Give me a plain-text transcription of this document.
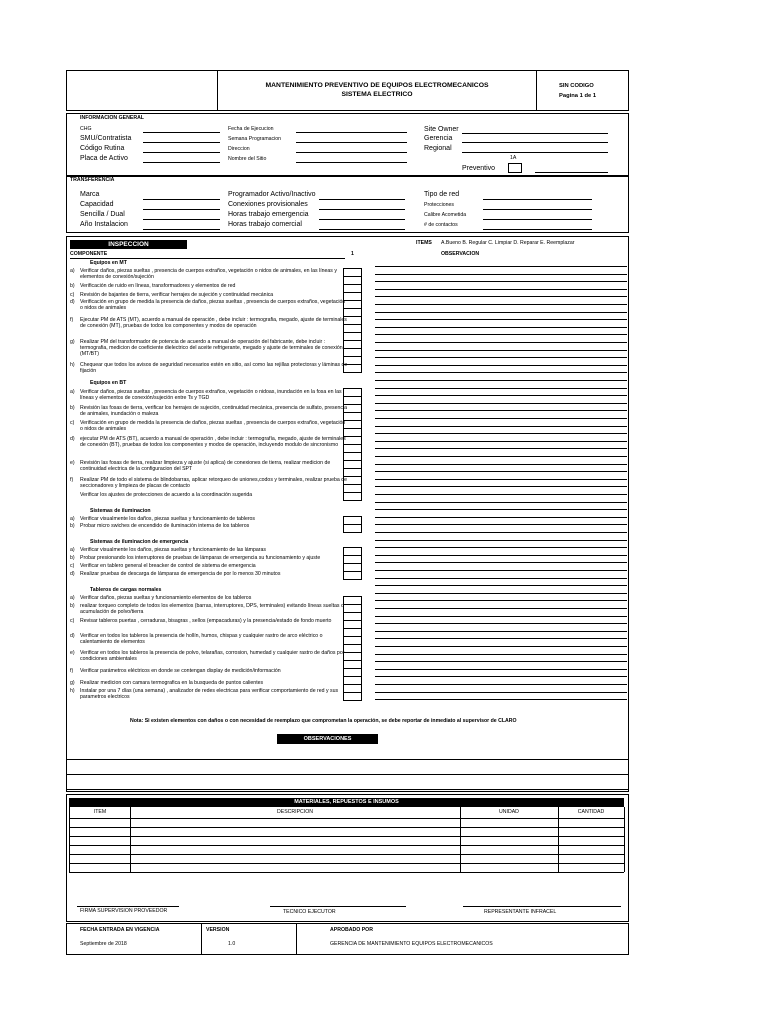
MANTENIMIENTO PREVENTIVO DE EQUIPOS ELECTROMECANICOS
SISTEMA ELECTRICO
SIN CODIGO
Pagina 1 de 1
INFORMACION GENERAL
CHG
SMU/Contratista
Código Rutina
Placa de Activo
Fecha de Ejecucion
Semana Programacion
Direccion
Nombre del Sitio
Site Owner
Gerencia
Regional
1A
Preventivo
TRANSFERENCIA
Marca
Capacidad
Sencilla / Dual
Año Instalacion
Programador Activo/Inactivo
Conexiones provisionales
Horas trabajo emergencia
Horas trabajo comercial
Tipo de red
Protecciones
Calibre Acometida
# de contactos
INSPECCION
COMPONENTE	1
ITEMS A.Bueno B. Regular C. Limpiar D. Reparar E. Reemplazar
OBSERVACION
Equipos en MT
Equipos en BT
Sistemas de iluminacion
Sistemas de iluminacion de emergencia
Tableros de cargas normales
a) Verificar daños, piezas sueltas , presencia de cuerpos extraños, vegetación o nidos de animales, en las líneas y elementos de conexión/sujeción
b) Verificación de ruido en líneas, transformadores y elementos de red
c) Revisión de bajantes de tierra, verificar herrajes de sujeción y continuidad mecánica
d) Verificación en grupo de medida la presencia de daños, piezas sueltas , presencia de cuerpos extraños, vegetación o nidos de animales
f) Ejecutar PM de ATS (MT), acuerdo a manual de operación , debe incluir : termografia, megado, ajuste de terminales de conexión (MT), pruebas de todos los componentes y modos de operación
g) Realizar PM del transformador de potencia de acuerdo a manual de operación del fabricante, debe incluir : termografia, medicion de coeficiente dielectrico del aceite refrigerante, megado y ajuste de terminales de conexión (MT/BT)
h) Chequear que todos los avisos de seguridad necesarios estén en sitio, así como las rejillas protectoras y láminas de fijación
a) Verificar daños, piezas sueltas , presencia de cuerpos extraños, vegetación o nidoas, inundación en la fosa en las líneas y elementos de conexión/sujeción entre Ts y TGD
b) Revisión las fosas de tierra, verificar los herrajes de sujeción, continuidad mecánica, presencia de sulfato, presencia de animales, inundación o maleza
c) Verificación en grupo de medida la presencia de daños, piezas sueltas , presencia de cuerpos extraños, vegetación o nidos de animales
d) ejecutar PM de ATS (BT), acuerdo a manual de operación , debe incluir : termografía, megado, ajuste de terminales de conexión (BT), pruebas de todos los componentes y modos de operación, incluyendo modulo de sincronismo
e) Revisión las fosas de tierra, realizar limpieza y ajuste (si aplica) de conexiones de tierra, realizar medicion de continuidad electrica de la configuracion del SPT
f) Realizar PM de todo el sistema de blindobarras, aplicar retorqueo de uniones,codos y terminales, realizar prueba de seccionadores y limpieza de placas de contacto
Verificar los ajustes de protecciones de acuerdo a la coordinación sugerida
a) Verificar visualmente los daños, piezas sueltas y funcionamiento de tableros
b) Probar micro swiches de encendido de iluminación interna de los tableros
a) Verificar visualmente los daños, piezas sueltas y funcionamiento de las lámparas
b) Probar presionando los interruptores de pruebas de lámparas de emergencia su funcionamiento y ajuste
c) Verificar en tablero general el breacker de control de sistema de emergencia
d) Realizar pruebas de descarga de lámparas de emergencia de por lo menos 30 minutos
a) Verificar daños, piezas sueltas y funcionamiento elementos de los tableros
b) realizar torqueo completo de todos los elementos (barras, interruptores, DPS, terminales) evitando líneas sueltas o acumulación de polvo/tierra
c) Revisar tableros puertas , cerraduras, bisagras , sellos (empacaduras) y la presencia/estado de fondo muerto
d) Verificar en todos los tableros la presencia de hollín, humos, chispas y cualquier rastro de arco eléctrico o calentamiento de elementos
e) Verificar en todos los tableros la presencia de polvo, telarañas, corrosion, humedad y cualquier rastro de daños por condiciones ambientales
f) Verificar parámetros eléctricos en donde se contengan display de medición/información
g) Realizar medicion con camara termografica en la busqueda de puntos calientes
h) Instalar por una 7 días (una semana) , analizador de redes electricas para verificar comportamiento de red y sus parametros electricos
Nota: Si existen elementos con daños o con necesidad de reemplazo que comprometan la operación, se debe reportar de inmediato al supervisor de CLARO
OBSERVACIONES
MATERIALES, REPUESTOS E INSUMOS
ITEM	DESCRIPCION	UNIDAD	CANTIDAD
FIRMA SUPERVISION PROVEEDOR	TECNICO EJECUTOR	REPRESENTANTE INFRACEL
FECHA ENTRADA EN VIGENCIA
Septiembre de 2018
VERSION
1.0
APROBADO POR
GERENCIA DE MANTENIMIENTO EQUIPOS ELECTROMECANICOS
